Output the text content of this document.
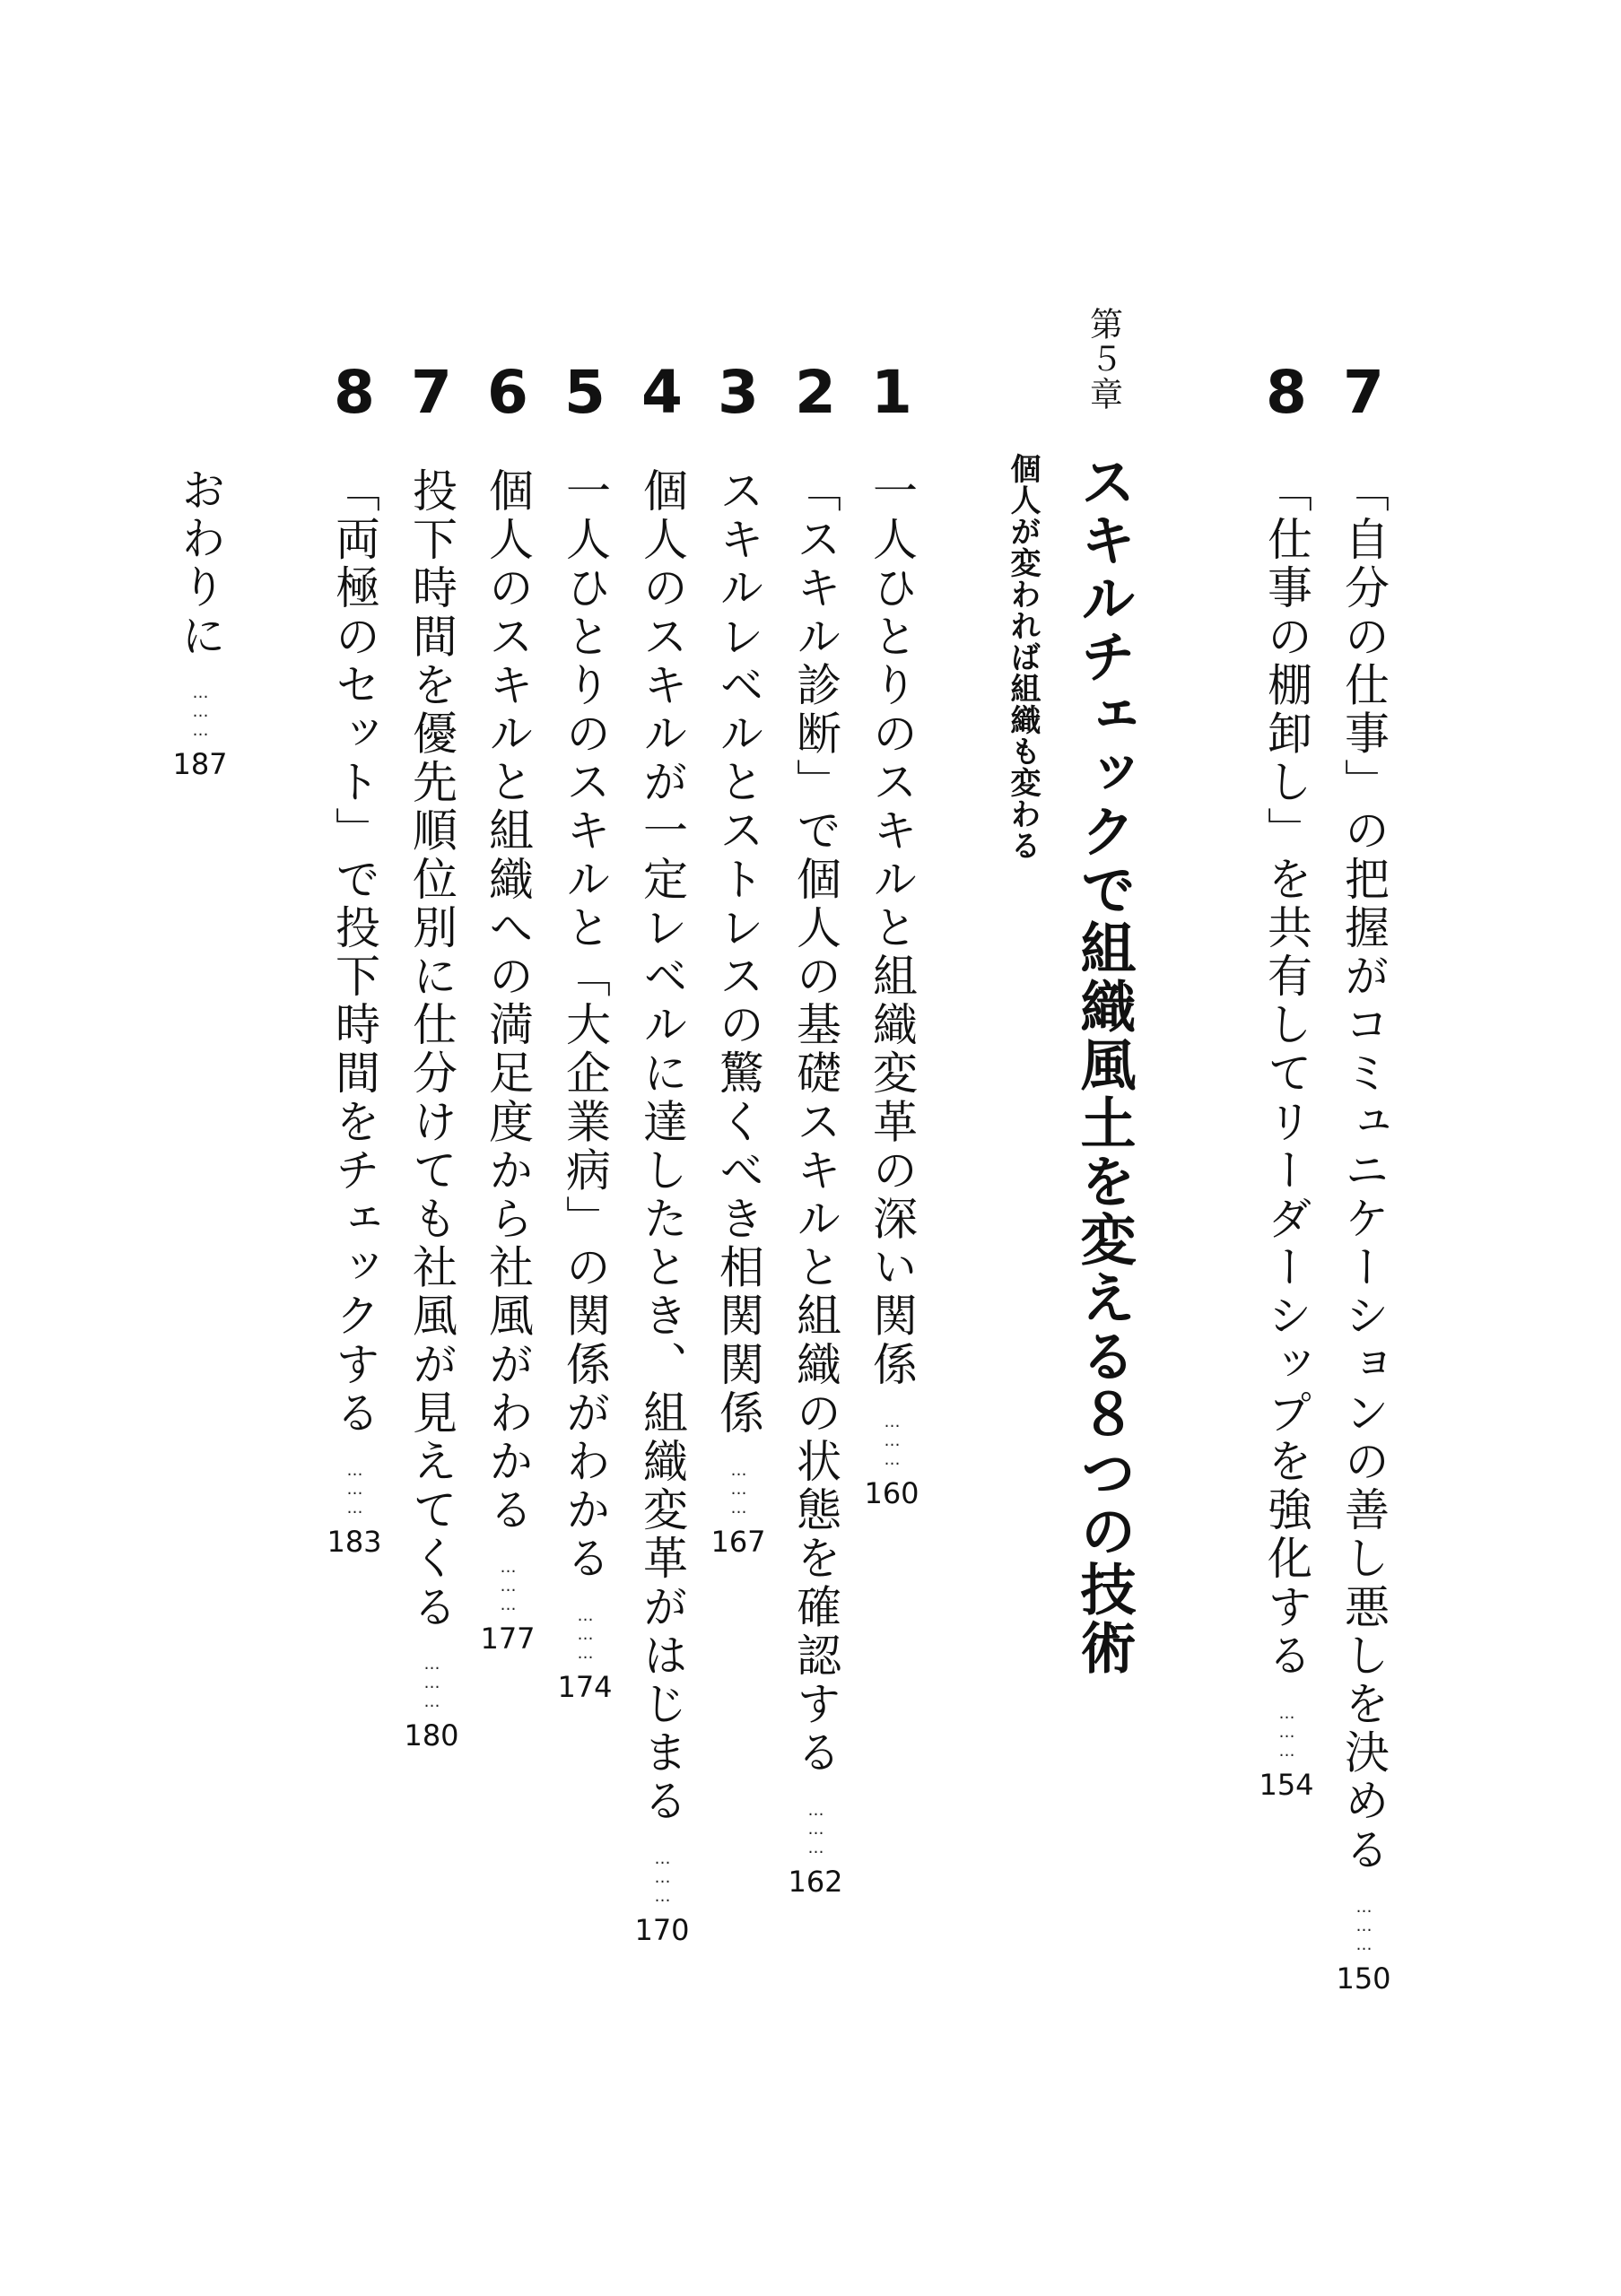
7
「自分の仕事」の把握がコミュニケーションの善し悪しを決める
………
150
8
「仕事の棚卸し」を共有してリーダーシップを強化する
………
154
第５章
スキルチェックで組織風土を変える８つの技術
個人が変われば組織も変わる
1
一人ひとりのスキルと組織変革の深い関係
………
160
2
「スキル診断」で個人の基礎スキルと組織の状態を確認する
………
162
3
スキルレベルとストレスの驚くべき相関関係
………
167
4
個人のスキルが一定レベルに達したとき、組織変革がはじまる
………
170
5
一人ひとりのスキルと「大企業病」の関係がわかる
………
174
6
個人のスキルと組織への満足度から社風がわかる
………
177
7
投下時間を優先順位別に仕分けても社風が見えてくる
………
180
8
「両極のセット」で投下時間をチェックする
………
183
おわりに
………
187
